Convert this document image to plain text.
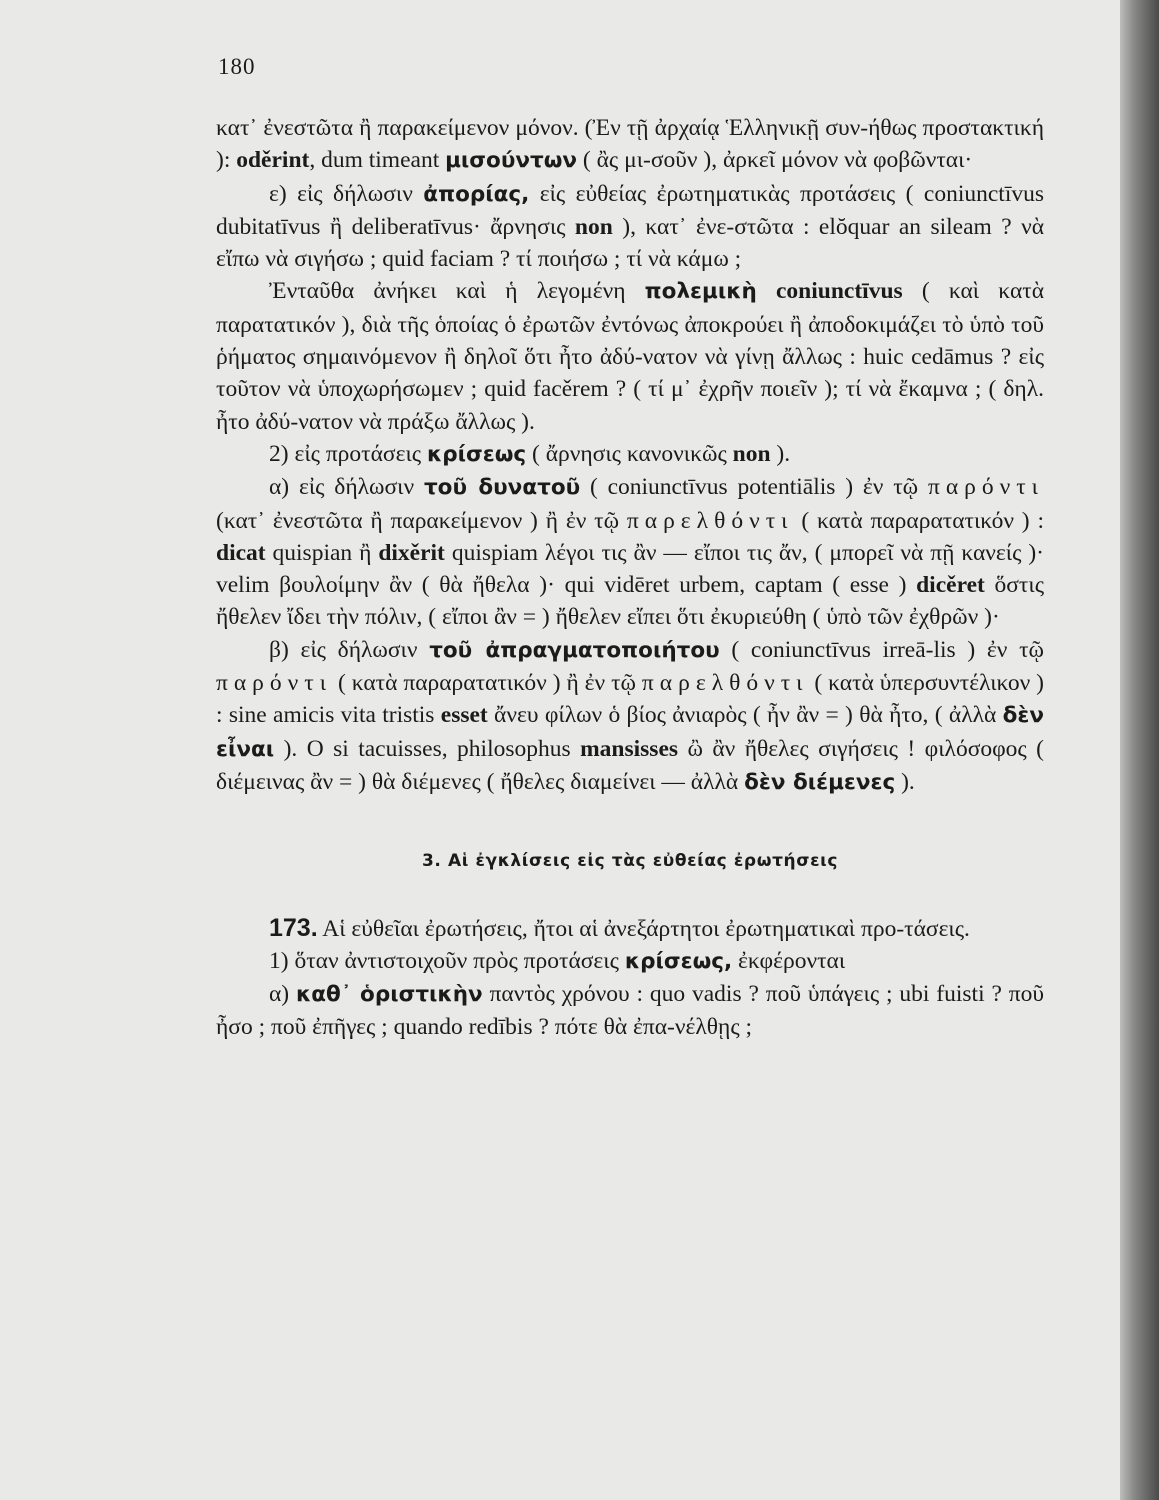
180

κατ᾽ ἐνεστῶτα ἢ παρακείμενον μόνον. (Ἐν τῇ ἀρχαίᾳ Ἑλληνικῇ συν-ήθως προστακτική ): oděrint, dum timeant μισούντων ( ἂς μι-σοῦν ), ἀρκεῖ μόνον νὰ φοβῶνται·

ε) εἰς δήλωσιν ἀπορίας, εἰς εὐθείας ἐρωτηματικὰς προτάσεις ( coniunctīvus dubitatīvus ἢ deliberatīvus· ἄρνησις non ), κατ᾽ ἐνε-στῶτα : elŏquar an sileam ? νὰ εἴπω νὰ σιγήσω ; quid faciam ? τί ποιήσω ; τί νὰ κάμω ;

Ἐνταῦθα ἀνήκει καὶ ἡ λεγομένη πολεμικὴ coniunctīvus ( καὶ κατὰ παρατατικόν ), διὰ τῆς ὁποίας ὁ ἐρωτῶν ἐντόνως ἀποκρούει ἢ ἀποδοκιμάζει τὸ ὑπὸ τοῦ ῥήματος σημαινόμενον ἢ δηλοῖ ὅτι ἦτο ἀδύ-νατον νὰ γίνῃ ἄλλως : huic cedāmus ? εἰς τοῦτον νὰ ὑποχωρήσωμεν ; quid facěrem ? ( τί μ᾽ ἐχρῆν ποιεῖν ); τί νὰ ἔκαμνα ; ( δηλ. ἦτο ἀδύ-νατον νὰ πράξω ἄλλως ).

2) εἰς προτάσεις κρίσεως ( ἄρνησις κανονικῶς non ).

α) εἰς δήλωσιν τοῦ δυνατοῦ ( coniunctīvus potentiālis ) ἐν τῷ παρόντι (κατ᾽ ἐνεστῶτα ἢ παρακείμενον ) ἢ ἐν τῷ παρελθόντι ( κατὰ παραρατατικόν ) : dicat quispian ἢ dixěrit quispiam λέγοι τις ἂν — εἴποι τις ἄν, ( μπορεῖ νὰ πῇ κανείς )· velim βουλοίμην ἂν ( θὰ ἤθελα )· qui vidēret urbem, captam ( esse ) dicěret ὅστις ἤθελεν ἴδει τὴν πόλιν, ( εἴποι ἂν = ) ἤθελεν εἴπει ὅτι ἐκυριεύθη ( ὑπὸ τῶν ἐχθρῶν )·

β) εἰς δήλωσιν τοῦ ἀπραγματοποιήτου ( coniunctīvus irreā-lis ) ἐν τῷ παρόντι ( κατὰ παραρατατικόν ) ἢ ἐν τῷ παρελθόντι ( κατὰ ὑπερσυντέλικον ) : sine amicis vita tristis esset ἄνευ φίλων ὁ βίος ἀνιαρὸς ( ἦν ἂν = ) θὰ ἦτο, ( ἀλλὰ δὲν εἶναι ). O si tacuisses, philosophus mansisses ὢ ἂν ἤθελες σιγήσεις ! φιλόσοφος ( διέμεινας ἂν = ) θὰ διέμενες ( ἤθελες διαμείνει — ἀλλὰ δὲν διέμενες ).

3. Αἱ ἐγκλίσεις εἰς τὰς εὐθείας ἐρωτήσεις

173. Αἱ εὐθεῖαι ἐρωτήσεις, ἤτοι αἱ ἀνεξάρτητοι ἐρωτηματικαὶ προ-τάσεις.

1) ὅταν ἀντιστοιχοῦν πρὸς προτάσεις κρίσεως, ἐκφέρονται

α) καθ᾽ ὁριστικὴν παντὸς χρόνου : quo vadis ? ποῦ ὑπάγεις ; ubi fuisti ? ποῦ ἦσο ; ποῦ ἐπῆγες ; quando redībis ? πότε θὰ ἐπα-νέλθῃς ;
